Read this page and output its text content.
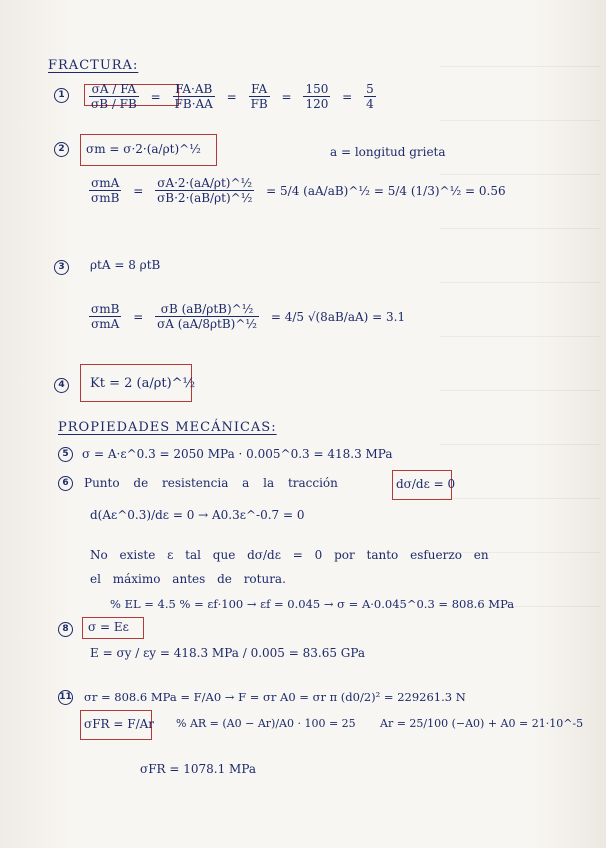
FRACTURA:
1	$\frac{\sigma A / FA}{\sigma B / FB} = \frac{FA\cdot AB}{FB\cdot AA} = \frac{FA}{FB} = \frac{150}{120} = \frac{5}{4}$
2	σm = σ·2·(a/ρt)^½	a = longitud grieta
$\frac{\text{σmA}}{\text{σmB}} = \frac{\text{σA·2·(aA/ρt)\textasciicircum{}½}}{\text{σB·2·(aB/ρt)\textasciicircum{}½}} = 5/4$ (aA/aB)^½ = 5/4 (1/3)^½ = 0.56
3	ρtA = 8 ρtB
$\frac{\text{σmB}}{\text{σmA}} = \frac{\text{σB (aB/ρtB)\textasciicircum{}½}}{\text{σA (aA/8ρtB)\textasciicircum{}½}} = 4/5$ √(8aB/aA) = 3.1
4	Kt = 2 (a/ρt)^½
PROPIEDADES MECÁNICAS:
5	σ = A·ε^0.3 = 2050 MPa · 0.005^0.3 = 418.3 MPa
6	Punto de resistencia a la tracción	dσ/dε = 0
d(Aε^0.3)/dε = 0 → A0.3ε^-0.7 = 0
No existe ε tal que dσ/dε = 0 por tanto esfuerzo en
el máximo antes de rotura.
% EL = 4.5 % = εf·100 → εf = 0.045 → σ = A·0.045^0.3 = 808.6 MPa
8	σ = Eε
E = σy / εy = 418.3 MPa / 0.005 = 83.65 GPa
11 σr = 808.6 MPa = F/A0 → F = σr A0 = σr π (d0/2)² = 229261.3 N
σFR = F/Ar % AR = (A0 − Ar)/A0 · 100 = 25 Ar = 25/100 (−A0) + A0 = 21·10^-5
σFR = 1078.1 MPa
